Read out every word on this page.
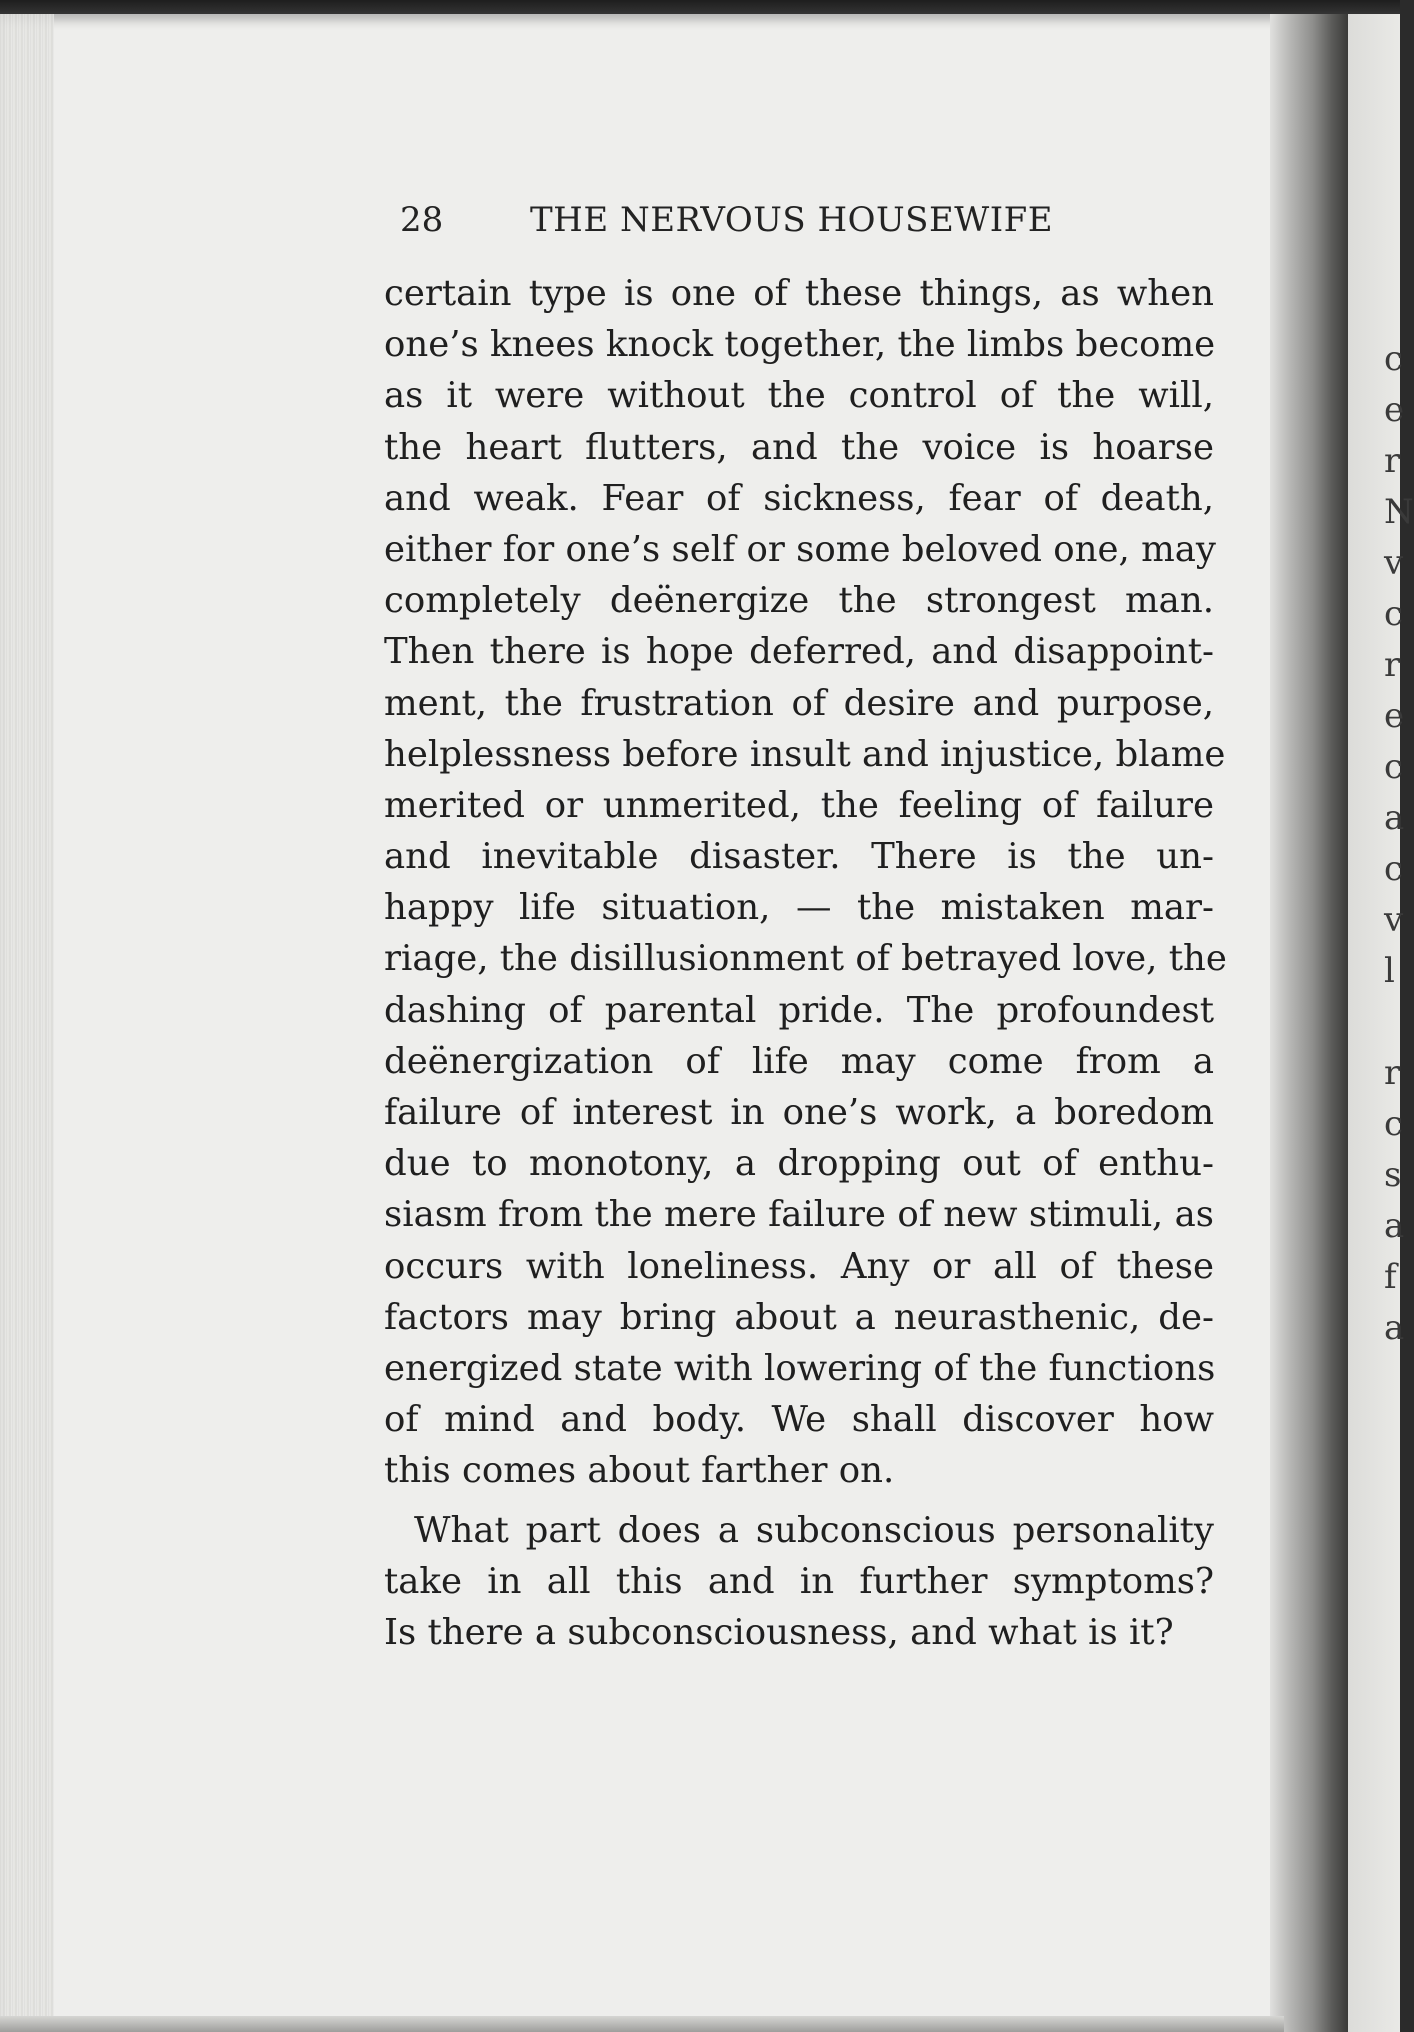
c
e
r
N
v
c
r
e
c
a
c
v
l
r
c
s
a
f
a
28	THE NERVOUS HOUSEWIFE
certain type is one of these things, as when
one’s knees knock together, the limbs become
as it were without the control of the will,
the heart flutters, and the voice is hoarse
and weak. Fear of sickness, fear of death,
either for one’s self or some beloved one, may
completely deënergize the strongest man.
Then there is hope deferred, and disappoint-
ment, the frustration of desire and purpose,
helplessness before insult and injustice, blame
merited or unmerited, the feeling of failure
and inevitable disaster. There is the un-
happy life situation, — the mistaken mar-
riage, the disillusionment of betrayed love, the
dashing of parental pride. The profoundest
deënergization of life may come from a
failure of interest in one’s work, a boredom
due to monotony, a dropping out of enthu-
siasm from the mere failure of new stimuli, as
occurs with loneliness. Any or all of these
factors may bring about a neurasthenic, de-
energized state with lowering of the functions
of mind and body. We shall discover how
this comes about farther on.
What part does a subconscious personality
take in all this and in further symptoms?
Is there a subconsciousness, and what is it?
